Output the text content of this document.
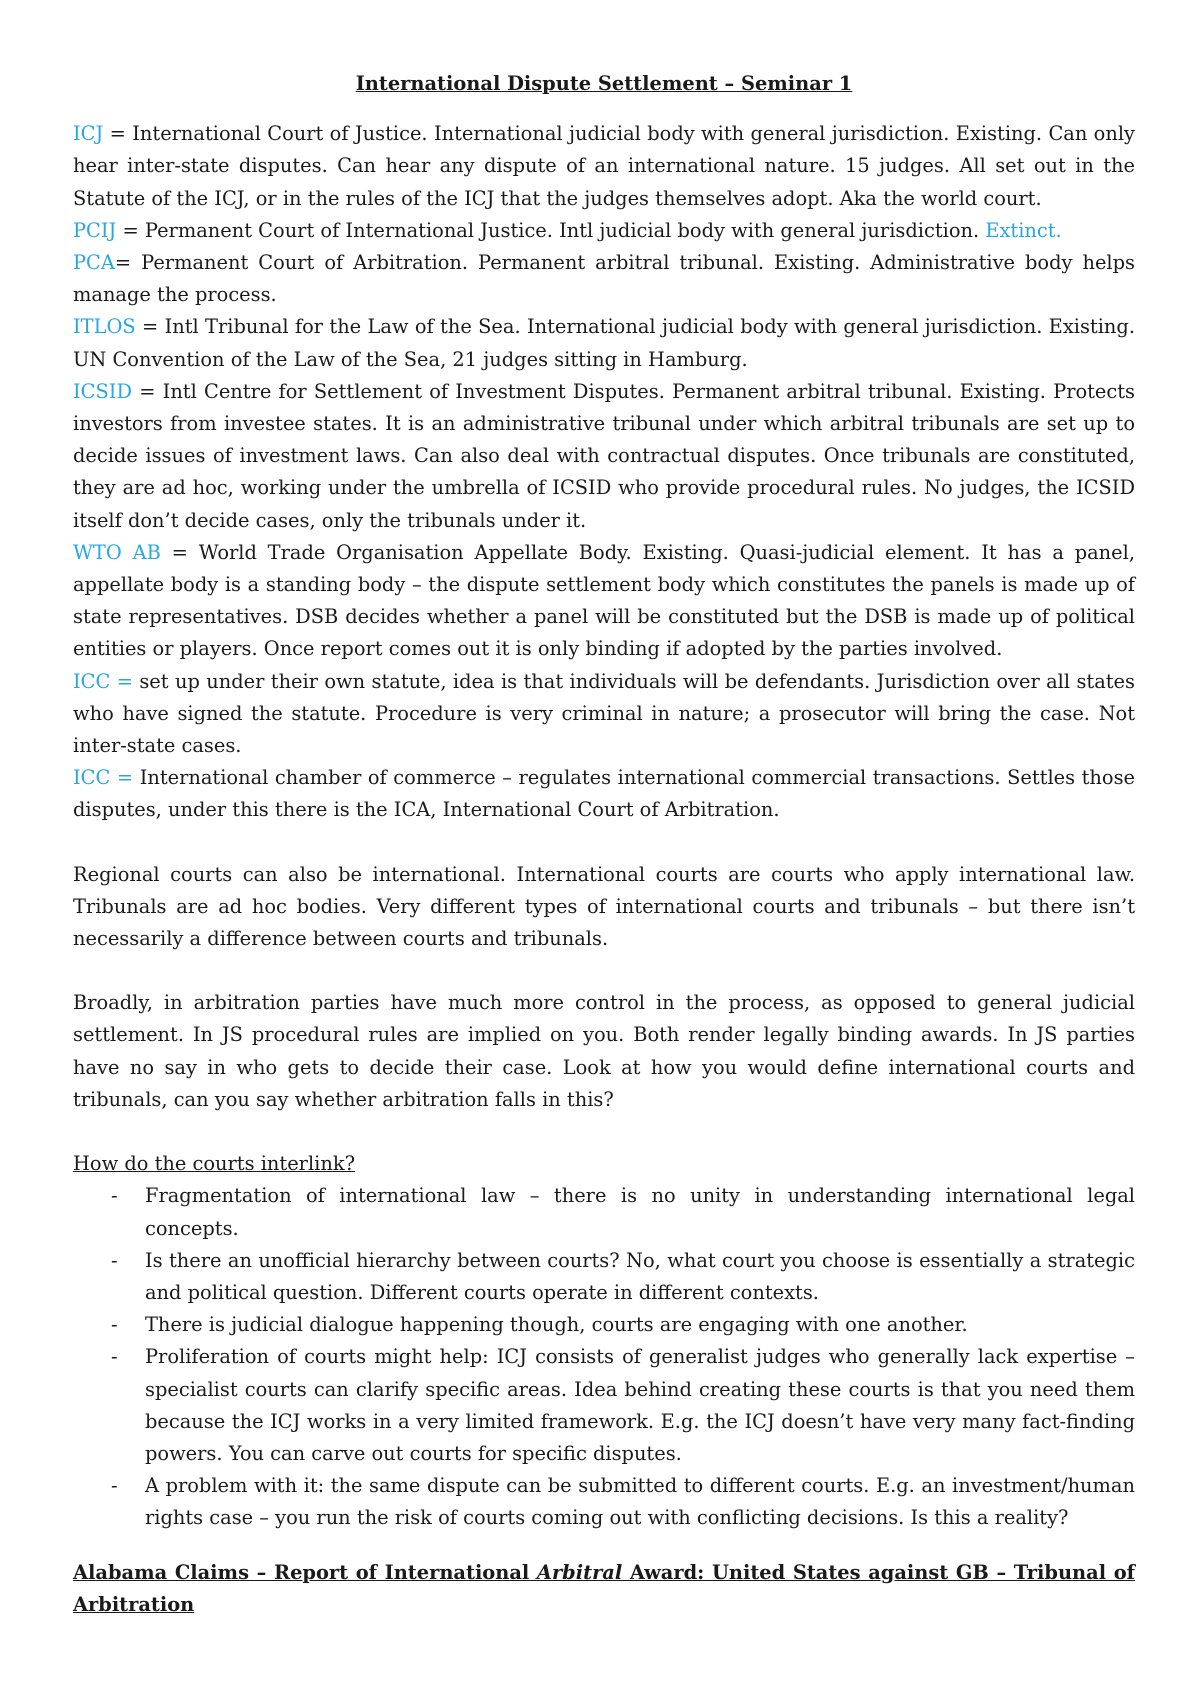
International Dispute Settlement – Seminar 1

ICJ = International Court of Justice. International judicial body with general jurisdiction. Existing. Can only hear inter-state disputes. Can hear any dispute of an international nature. 15 judges. All set out in the Statute of the ICJ, or in the rules of the ICJ that the judges themselves adopt. Aka the world court.

PCIJ = Permanent Court of International Justice. Intl judicial body with general jurisdiction. Extinct.

PCA= Permanent Court of Arbitration. Permanent arbitral tribunal. Existing. Administrative body helps manage the process.

ITLOS = Intl Tribunal for the Law of the Sea. International judicial body with general jurisdiction. Existing. UN Convention of the Law of the Sea, 21 judges sitting in Hamburg.

ICSID = Intl Centre for Settlement of Investment Disputes. Permanent arbitral tribunal. Existing. Protects investors from investee states. It is an administrative tribunal under which arbitral tribunals are set up to decide issues of investment laws. Can also deal with contractual disputes. Once tribunals are constituted, they are ad hoc, working under the umbrella of ICSID who provide procedural rules. No judges, the ICSID itself don’t decide cases, only the tribunals under it.

WTO AB = World Trade Organisation Appellate Body. Existing. Quasi-judicial element. It has a panel, appellate body is a standing body – the dispute settlement body which constitutes the panels is made up of state representatives. DSB decides whether a panel will be constituted but the DSB is made up of political entities or players. Once report comes out it is only binding if adopted by the parties involved.

ICC = set up under their own statute, idea is that individuals will be defendants. Jurisdiction over all states who have signed the statute. Procedure is very criminal in nature; a prosecutor will bring the case. Not inter-state cases.

ICC = International chamber of commerce – regulates international commercial transactions. Settles those disputes, under this there is the ICA, International Court of Arbitration.

Regional courts can also be international. International courts are courts who apply international law. Tribunals are ad hoc bodies. Very different types of international courts and tribunals – but there isn’t necessarily a difference between courts and tribunals.

Broadly, in arbitration parties have much more control in the process, as opposed to general judicial settlement. In JS procedural rules are implied on you. Both render legally binding awards. In JS parties have no say in who gets to decide their case. Look at how you would define international courts and tribunals, can you say whether arbitration falls in this?

How do the courts interlink?

- Fragmentation of international law – there is no unity in understanding international legal concepts.
- Is there an unofficial hierarchy between courts? No, what court you choose is essentially a strategic and political question. Different courts operate in different contexts.
- There is judicial dialogue happening though, courts are engaging with one another.
- Proliferation of courts might help: ICJ consists of generalist judges who generally lack expertise – specialist courts can clarify specific areas. Idea behind creating these courts is that you need them because the ICJ works in a very limited framework. E.g. the ICJ doesn’t have very many fact-finding powers. You can carve out courts for specific disputes.
- A problem with it: the same dispute can be submitted to different courts. E.g. an investment/human rights case – you run the risk of courts coming out with conflicting decisions. Is this a reality?

Alabama Claims – Report of International Arbitral Award: United States against GB – Tribunal of Arbitration
